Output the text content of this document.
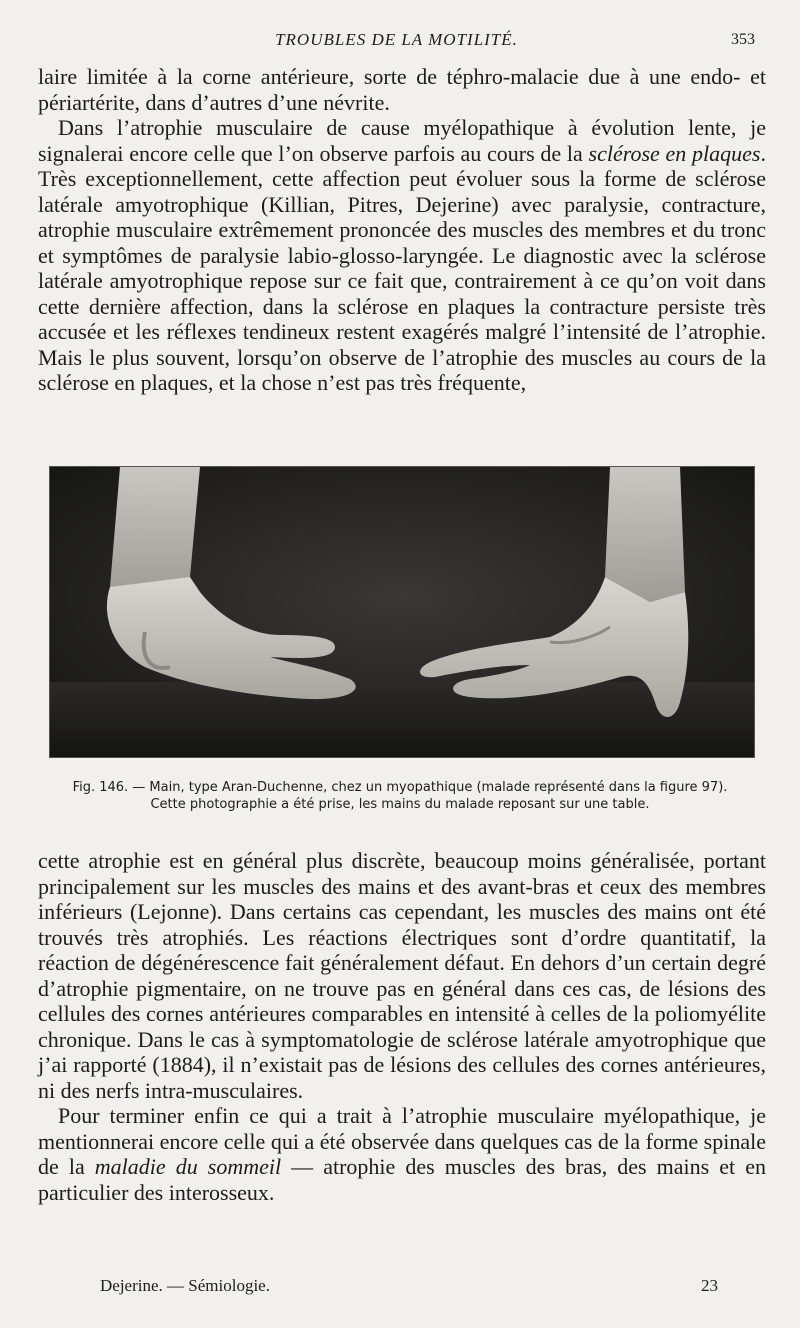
TROUBLES DE LA MOTILITÉ.	353

laire limitée à la corne antérieure, sorte de téphro-malacie due à une endo- et périartérite, dans d’autres d’une névrite.

Dans l’atrophie musculaire de cause myélopathique à évolution lente, je signalerai encore celle que l’on observe parfois au cours de la sclérose en plaques. Très exceptionnellement, cette affection peut évoluer sous la forme de sclérose latérale amyotrophique (Killian, Pitres, Dejerine) avec paralysie, contracture, atrophie musculaire extrêmement prononcée des muscles des membres et du tronc et symptômes de paralysie labio-glosso-laryngée. Le diagnostic avec la sclérose latérale amyotrophique repose sur ce fait que, contrairement à ce qu’on voit dans cette dernière affection, dans la sclérose en plaques la contracture persiste très accusée et les réflexes tendineux restent exagérés malgré l’intensité de l’atrophie. Mais le plus souvent, lorsqu’on observe de l’atrophie des muscles au cours de la sclérose en plaques, et la chose n’est pas très fréquente,

Fig. 146. — Main, type Aran-Duchenne, chez un myopathique (malade représenté dans la figure 97).
Cette photographie a été prise, les mains du malade reposant sur une table.

cette atrophie est en général plus discrète, beaucoup moins généralisée, portant principalement sur les muscles des mains et des avant-bras et ceux des membres inférieurs (Lejonne). Dans certains cas cependant, les muscles des mains ont été trouvés très atrophiés. Les réactions électriques sont d’ordre quantitatif, la réaction de dégénérescence fait généralement défaut. En dehors d’un certain degré d’atrophie pigmentaire, on ne trouve pas en général dans ces cas, de lésions des cellules des cornes antérieures comparables en intensité à celles de la poliomyélite chronique. Dans le cas à symptomatologie de sclérose latérale amyotrophique que j’ai rapporté (1884), il n’existait pas de lésions des cellules des cornes antérieures, ni des nerfs intra-musculaires.

Pour terminer enfin ce qui a trait à l’atrophie musculaire myélopathique, je mentionnerai encore celle qui a été observée dans quelques cas de la forme spinale de la maladie du sommeil — atrophie des muscles des bras, des mains et en particulier des interosseux.

Dejerine. — Sémiologie.	23
